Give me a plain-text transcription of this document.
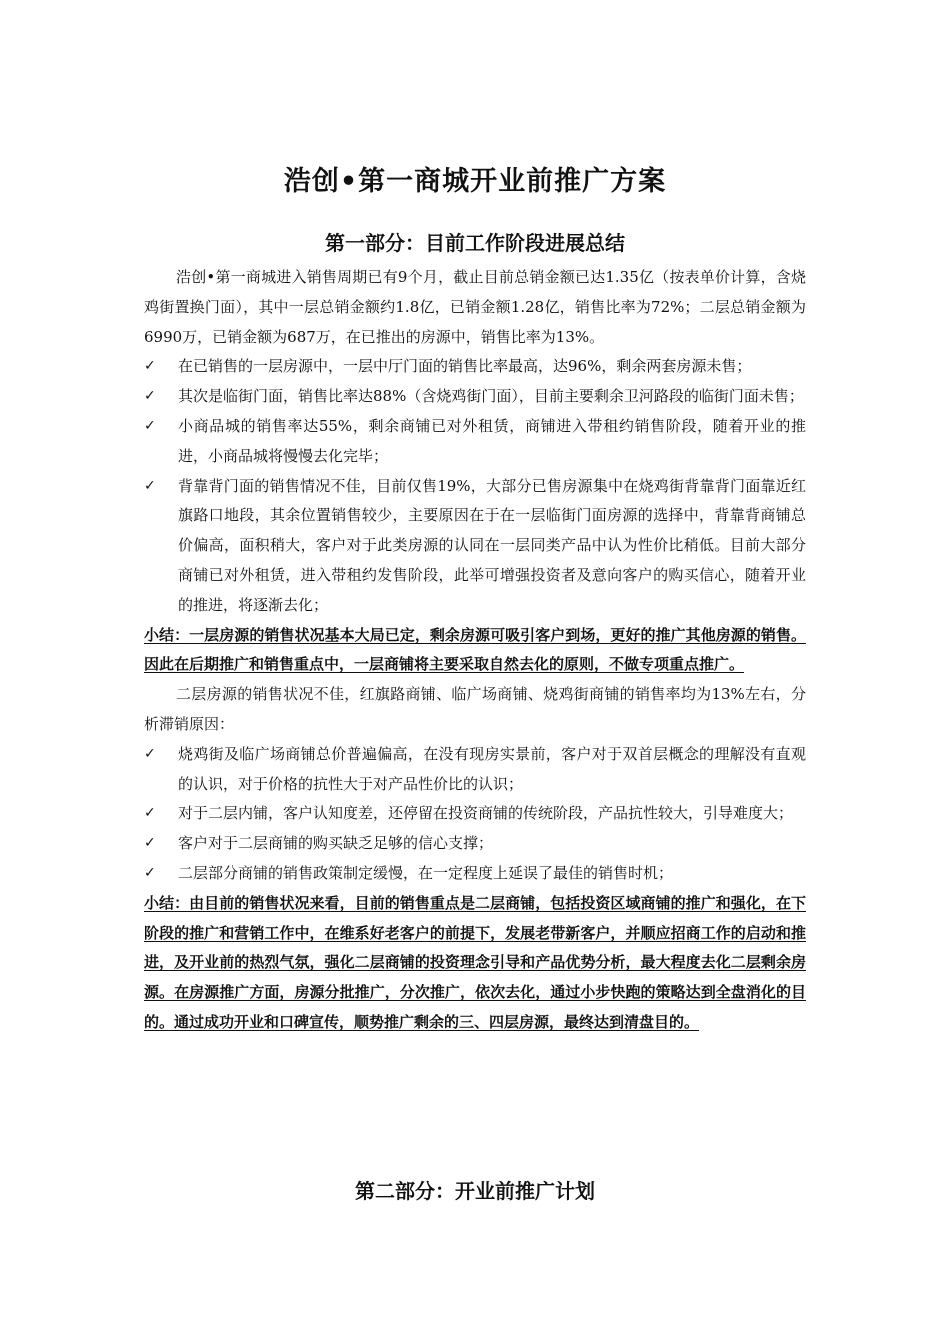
浩创•第一商城开业前推广方案
第一部分：目前工作阶段进展总结

浩创•第一商城进入销售周期已有9个月，截止目前总销金额已达1.35亿（按表单价计算，含烧鸡街置换门面），其中一层总销金额约1.8亿，已销金额1.28亿，销售比率为72%；二层总销金额为6990万，已销金额为687万，在已推出的房源中，销售比率为13%。

✓	在已销售的一层房源中，一层中厅门面的销售比率最高，达96%，剩余两套房源未售；
✓	其次是临街门面，销售比率达88%（含烧鸡街门面），目前主要剩余卫河路段的临街门面未售；
✓	小商品城的销售率达55%，剩余商铺已对外租赁，商铺进入带租约销售阶段，随着开业的推进，小商品城将慢慢去化完毕；
✓	背靠背门面的销售情况不佳，目前仅售19%，大部分已售房源集中在烧鸡街背靠背门面靠近红旗路口地段，其余位置销售较少，主要原因在于在一层临街门面房源的选择中，背靠背商铺总价偏高，面积稍大，客户对于此类房源的认同在一层同类产品中认为性价比稍低。目前大部分商铺已对外租赁，进入带租约发售阶段，此举可增强投资者及意向客户的购买信心，随着开业的推进，将逐渐去化；

小结：一层房源的销售状况基本大局已定，剩余房源可吸引客户到场，更好的推广其他房源的销售。因此在后期推广和销售重点中，一层商铺将主要采取自然去化的原则，不做专项重点推广。

二层房源的销售状况不佳，红旗路商铺、临广场商铺、烧鸡街商铺的销售率均为13%左右，分析滞销原因：

✓	烧鸡街及临广场商铺总价普遍偏高，在没有现房实景前，客户对于双首层概念的理解没有直观的认识，对于价格的抗性大于对产品性价比的认识；
✓	对于二层内铺，客户认知度差，还停留在投资商铺的传统阶段，产品抗性较大，引导难度大；
✓	客户对于二层商铺的购买缺乏足够的信心支撑；
✓	二层部分商铺的销售政策制定缓慢，在一定程度上延误了最佳的销售时机；

小结：由目前的销售状况来看，目前的销售重点是二层商铺，包括投资区域商铺的推广和强化，在下阶段的推广和营销工作中，在维系好老客户的前提下，发展老带新客户，并顺应招商工作的启动和推进，及开业前的热烈气氛，强化二层商铺的投资理念引导和产品优势分析，最大程度去化二层剩余房源。在房源推广方面，房源分批推广，分次推广，依次去化，通过小步快跑的策略达到全盘消化的目的。通过成功开业和口碑宣传，顺势推广剩余的三、四层房源，最终达到清盘目的。

第二部分：开业前推广计划
